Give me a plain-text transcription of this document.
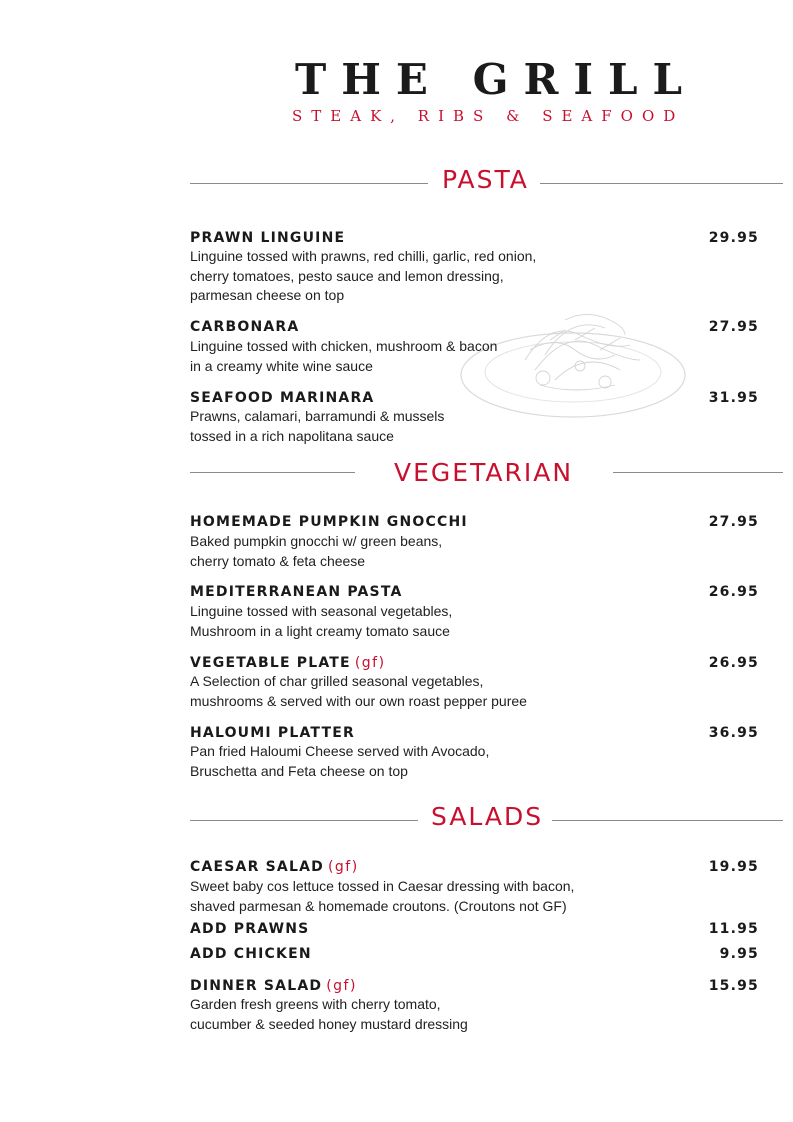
THE GRILL
STEAK, RIBS & SEAFOOD
PASTA
PRAWN LINGUINE	29.95
Linguine tossed with prawns, red chilli, garlic, red onion,
cherry tomatoes, pesto sauce and lemon dressing,
parmesan cheese on top
CARBONARA	27.95
Linguine tossed with chicken, mushroom & bacon
in a creamy white wine sauce
SEAFOOD MARINARA	31.95
Prawns, calamari, barramundi & mussels
tossed in a rich napolitana sauce
VEGETARIAN
HOMEMADE PUMPKIN GNOCCHI	27.95
Baked pumpkin gnocchi w/ green beans,
cherry tomato & feta cheese
MEDITERRANEAN PASTA	26.95
Linguine tossed with seasonal vegetables,
Mushroom in a light creamy tomato sauce
VEGETABLE PLATE (gf)	26.95
A Selection of char grilled seasonal vegetables,
mushrooms & served with our own roast pepper puree
HALOUMI PLATTER	36.95
Pan fried Haloumi Cheese served with Avocado,
Bruschetta and Feta cheese on top
SALADS
CAESAR SALAD (gf)	19.95
Sweet baby cos lettuce tossed in Caesar dressing with bacon,
shaved parmesan & homemade croutons. (Croutons not GF)
ADD PRAWNS	11.95
ADD CHICKEN	9.95
DINNER SALAD (gf)	15.95
Garden fresh greens with cherry tomato,
cucumber & seeded honey mustard dressing
